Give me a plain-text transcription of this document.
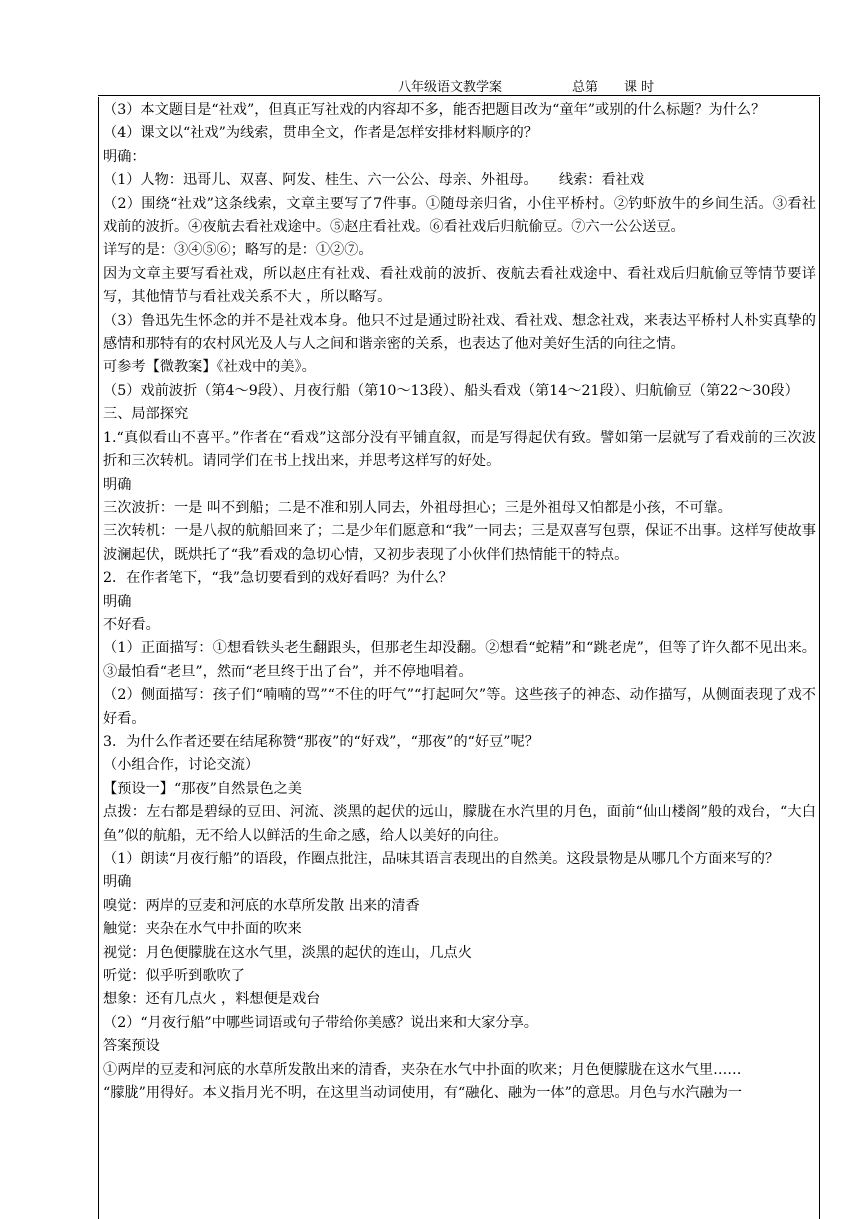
八年级语文教学案	总第 课 时

（3）本文题目是“社戏”，但真正写社戏的内容却不多，能否把题目改为“童年”或别的什么标题？为什么？

（4）课文以“社戏”为线索，贯串全文，作者是怎样安排材料顺序的？

明确：

（1）人物：迅哥儿、双喜、阿发、桂生、六一公公、母亲、外祖母。　　线索：看社戏

（2）围绕“社戏”这条线索，文章主要写了7件事。①随母亲归省，小住平桥村。②钓虾放牛的乡间生活。③看社戏前的波折。④夜航去看社戏途中。⑤赵庄看社戏。⑥看社戏后归航偷豆。⑦六一公公送豆。

详写的是：③④⑤⑥；略写的是：①②⑦。

因为文章主要写看社戏，所以赵庄有社戏、看社戏前的波折、夜航去看社戏途中、看社戏后归航偷豆等情节要详写，其他情节与看社戏关系不大 ，所以略写。

（3）鲁迅先生怀念的并不是社戏本身。他只不过是通过盼社戏、看社戏、想念社戏，来表达平桥村人朴实真挚的感情和那特有的农村风光及人与人之间和谐亲密的关系，也表达了他对美好生活的向往之情。

可参考【微教案】《社戏中的美》。

（5）戏前波折（第4～9段）、月夜行船（第10～13段）、船头看戏（第14～21段）、归航偷豆（第22～30段）

三、局部探究

1.“真似看山不喜平。”作者在“看戏”这部分没有平铺直叙，而是写得起伏有致。譬如第一层就写了看戏前的三次波折和三次转机。请同学们在书上找出来，并思考这样写的好处。

明确

三次波折：一是 叫不到船；二是不准和别人同去，外祖母担心；三是外祖母又怕都是小孩，不可靠。

三次转机：一是八叔的航船回来了；二是少年们愿意和“我”一同去；三是双喜写包票，保证不出事。这样写使故事波澜起伏，既烘托了“我”看戏的急切心情，又初步表现了小伙伴们热情能干的特点。

2．在作者笔下，“我”急切要看到的戏好看吗？为什么？

明确

不好看。

（1）正面描写：①想看铁头老生翻跟头，但那老生却没翻。②想看“蛇精”和“跳老虎”，但等了许久都不见出来。③最怕看“老旦”，然而“老旦终于出了台”，并不停地唱着。

（2）侧面描写：孩子们“喃喃的骂”“不住的吁气”“打起呵欠”等。这些孩子的神态、动作描写，从侧面表现了戏不好看。

3．为什么作者还要在结尾称赞“那夜”的“好戏”，“那夜”的“好豆”呢？

（小组合作，讨论交流）

【预设一】“那夜”自然景色之美

点拨：左右都是碧绿的豆田、河流、淡黑的起伏的远山，朦胧在水汽里的月色，面前“仙山楼阁”般的戏台，“大白鱼”似的航船，无不给人以鲜活的生命之感，给人以美好的向往。

（1）朗读“月夜行船”的语段，作圈点批注，品味其语言表现出的自然美。这段景物是从哪几个方面来写的？

明确

嗅觉：两岸的豆麦和河底的水草所发散 出来的清香

触觉：夹杂在水气中扑面的吹来

视觉：月色便朦胧在这水气里，淡黑的起伏的连山，几点火

听觉：似乎听到歌吹了

想象：还有几点火 ，料想便是戏台

（2）“月夜行船”中哪些词语或句子带给你美感？说出来和大家分享。

答案预设

①两岸的豆麦和河底的水草所发散出来的清香，夹杂在水气中扑面的吹来；月色便朦胧在这水气里……

“朦胧”用得好。本义指月光不明，在这里当动词使用，有“融化、融为一体”的意思。月色与水汽融为一
